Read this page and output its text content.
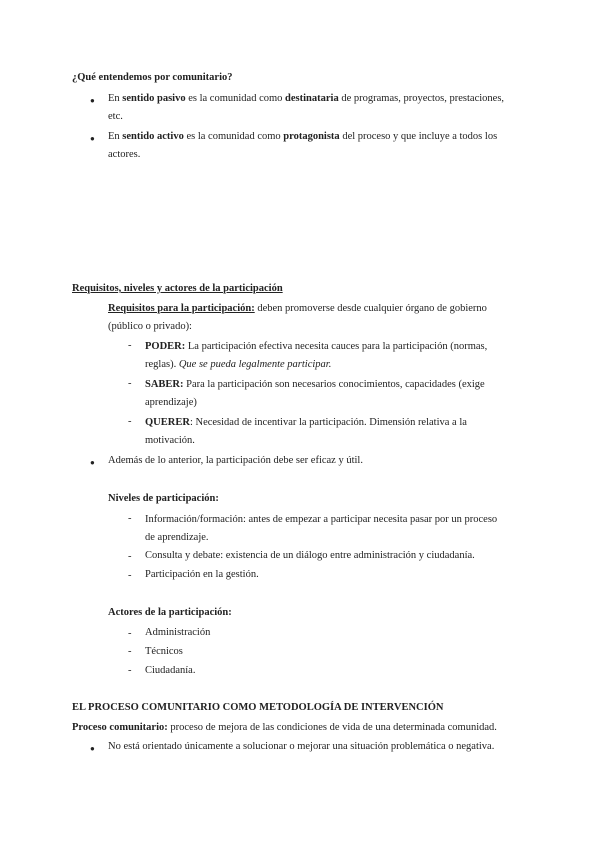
¿Qué entendemos por comunitario?
● En sentido pasivo es la comunidad como destinataria de programas, proyectos, prestaciones,
etc.
● En sentido activo es la comunidad como protagonista del proceso y que incluye a todos los
actores.
Requisitos, niveles y actores de la participación
Requisitos para la participación: deben promoverse desde cualquier órgano de gobierno
(público o privado):
- PODER: La participación efectiva necesita cauces para la participación (normas,
reglas). Que se pueda legalmente participar.
- SABER: Para la participación son necesarios conocimientos, capacidades (exige
aprendizaje)
- QUERER: Necesidad de incentivar la participación. Dimensión relativa a la
motivación.
● Además de lo anterior, la participación debe ser eficaz y útil.
Niveles de participación:
- Información/formación: antes de empezar a participar necesita pasar por un proceso
de aprendizaje.
- Consulta y debate: existencia de un diálogo entre administración y ciudadanía.
- Participación en la gestión.
Actores de la participación:
- Administración
- Técnicos
- Ciudadanía.
EL PROCESO COMUNITARIO COMO METODOLOGÍA DE INTERVENCIÓN
Proceso comunitario: proceso de mejora de las condiciones de vida de una determinada comunidad.
● No está orientado únicamente a solucionar o mejorar una situación problemática o negativa.
